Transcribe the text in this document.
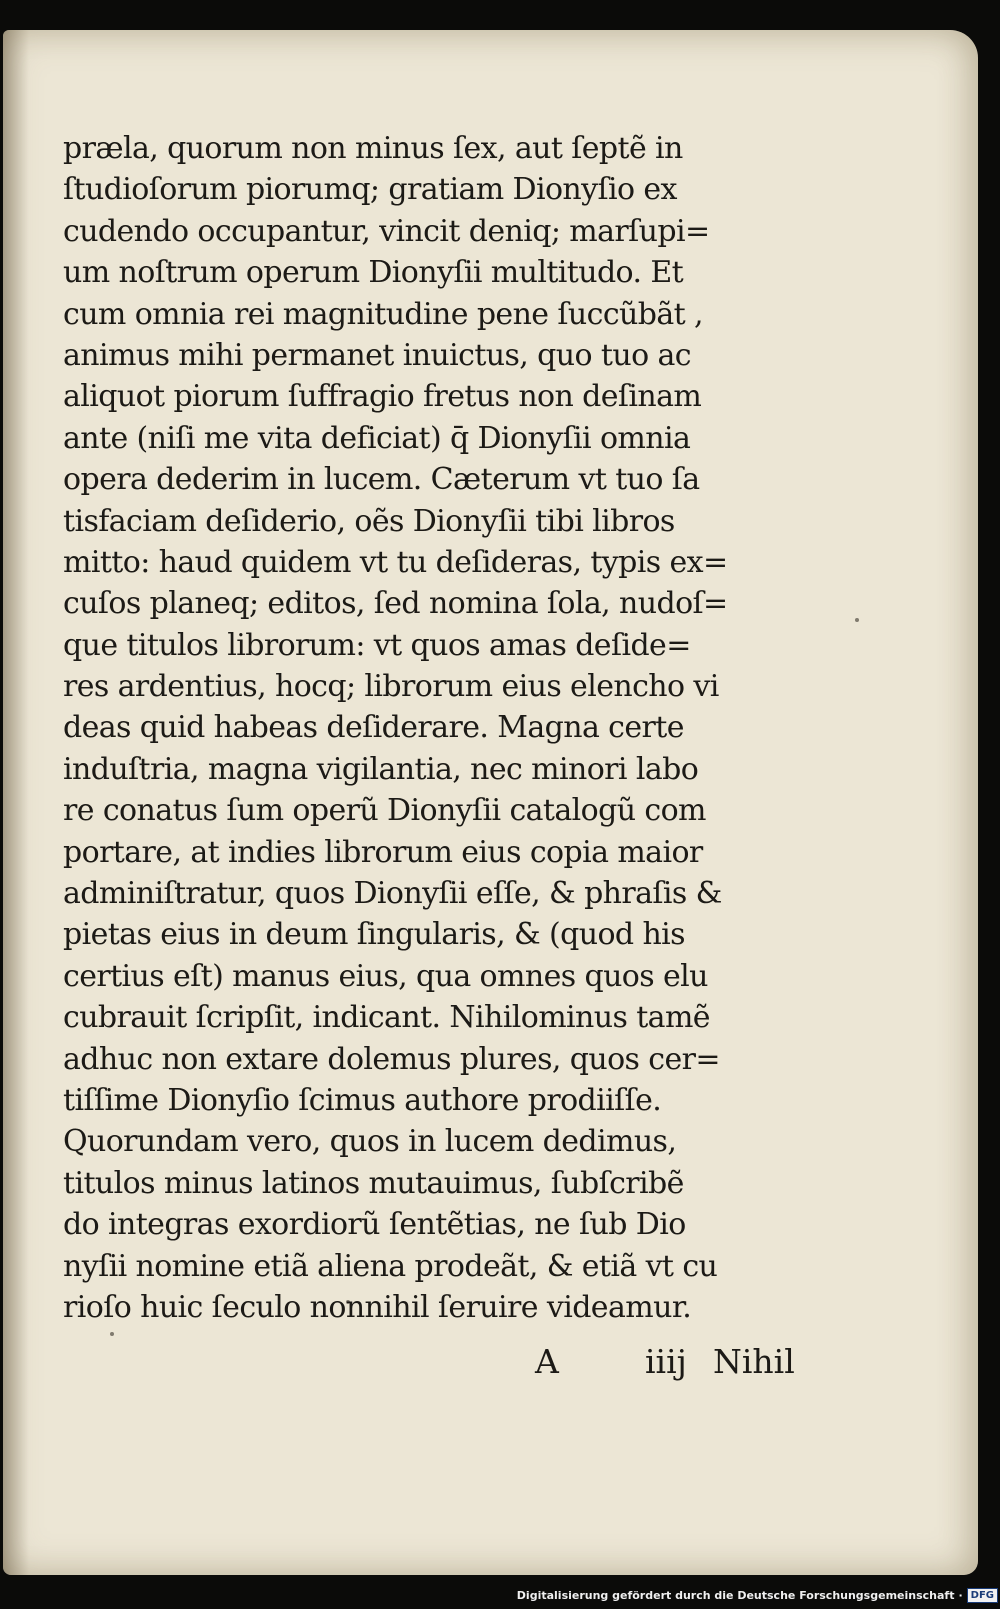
præla, quorum non minus ſex, aut ſeptẽ in
ſtudioſorum piorumq; gratiam Dionyſio ex
cudendo occupantur, vincit deniq; marſupi=
um noſtrum operum Dionyſii multitudo. Et
cum omnia rei magnitudine pene ſuccũbãt ,
animus mihi permanet inuictus, quo tuo ac
aliquot piorum ſuffragio fretus non deſinam
ante (niſi me vita deficiat) q̄ Dionyſii omnia
opera dederim in lucem. Cæterum vt tuo ſa
tisfaciam deſiderio, oẽs Dionyſii tibi libros
mitto: haud quidem vt tu deſideras, typis ex=
cuſos planeq; editos, ſed nomina ſola, nudoſ=
que titulos librorum: vt quos amas deſide=
res ardentius, hocq; librorum eius elencho vi
deas quid habeas deſiderare. Magna certe
induſtria, magna vigilantia, nec minori labo
re conatus ſum operũ Dionyſii catalogũ com
portare, at indies librorum eius copia maior
adminiſtratur, quos Dionyſii eſſe, & phraſis &
pietas eius in deum ſingularis, & (quod his
certius eſt) manus eius, qua omnes quos elu
cubrauit ſcripſit, indicant. Nihilominus tamẽ
adhuc non extare dolemus plures, quos cer=
tiſſime Dionyſio ſcimus authore prodiiſſe.
Quorundam vero, quos in lucem dedimus,
titulos minus latinos mutauimus, ſubſcribẽ
do integras exordiorũ ſentẽtias, ne ſub Dio
nyſii nomine etiã aliena prodeãt, & etiã vt cu
rioſo huic ſeculo nonnihil ſeruire videamur.
A	iiij Nihil
Digitalisierung gefördert durch die Deutsche Forschungsgemeinschaft · DFG
